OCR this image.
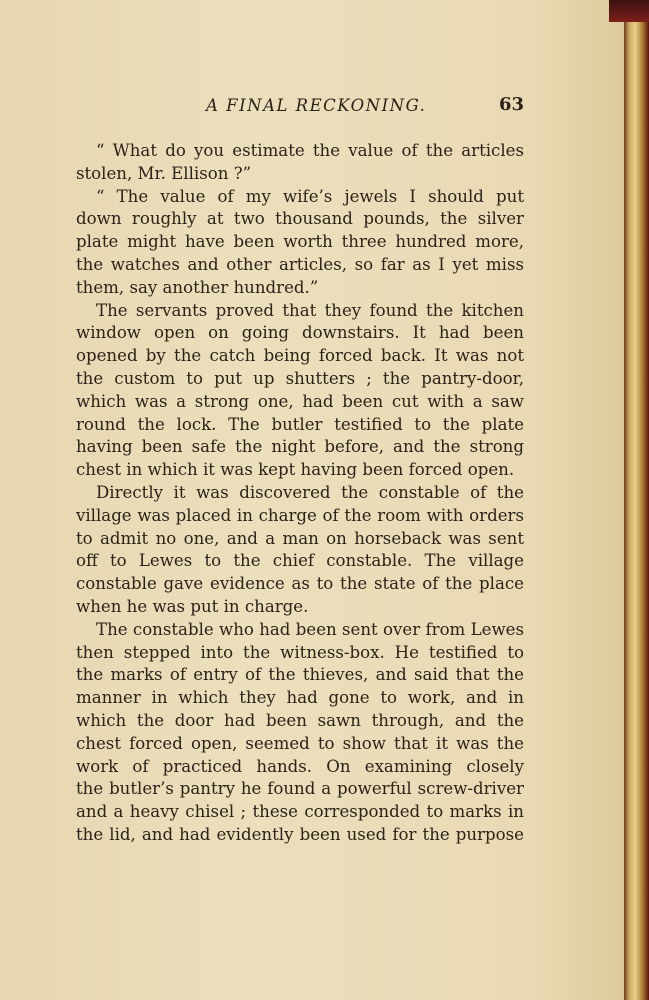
A FINAL RECKONING.	63
“ What do you estimate the value of the articles
stolen, Mr. Ellison ?”
“ The value of my wife’s jewels I should put
down roughly at two thousand pounds, the silver
plate might have been worth three hundred more,
the watches and other articles, so far as I yet miss
them, say another hundred.”
The servants proved that they found the kitchen
window open on going downstairs. It had been
opened by the catch being forced back. It was not
the custom to put up shutters ; the pantry-door,
which was a strong one, had been cut with a saw
round the lock. The butler testified to the plate
having been safe the night before, and the strong
chest in which it was kept having been forced open.
Directly it was discovered the constable of the
village was placed in charge of the room with orders
to admit no one, and a man on horseback was sent
off to Lewes to the chief constable. The village
constable gave evidence as to the state of the place
when he was put in charge.
The constable who had been sent over from Lewes
then stepped into the witness-box. He testified to
the marks of entry of the thieves, and said that the
manner in which they had gone to work, and in
which the door had been sawn through, and the
chest forced open, seemed to show that it was the
work of practiced hands. On examining closely
the butler’s pantry he found a powerful screw-driver
and a heavy chisel ; these corresponded to marks in
the lid, and had evidently been used for the purpose
